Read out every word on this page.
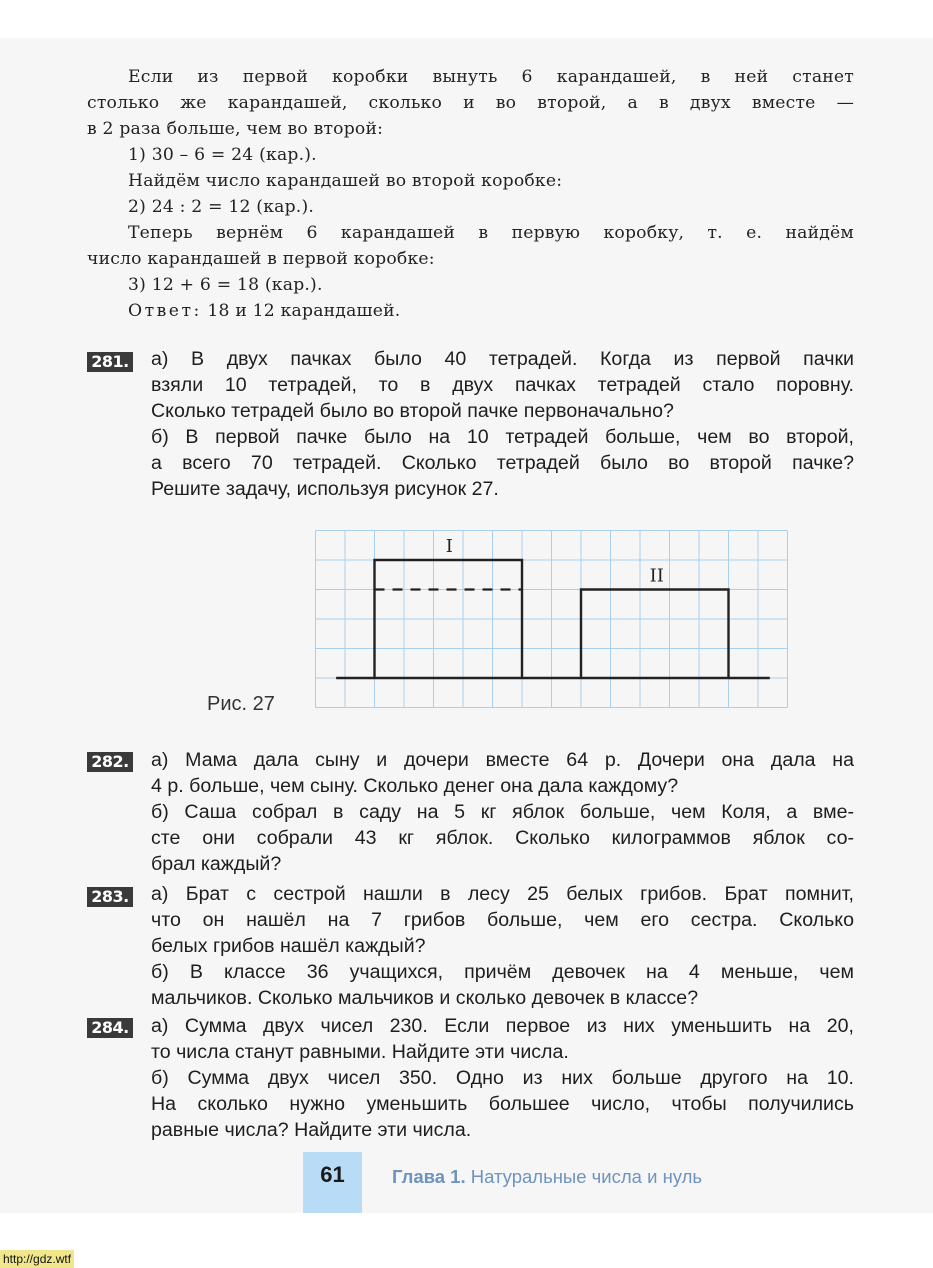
Если из первой коробки вынуть 6 карандашей, в ней станет
столько же карандашей, сколько и во второй, а в двух вместе —
в 2 раза больше, чем во второй:
1) 30 – 6 = 24 (кар.).
Найдём число карандашей во второй коробке:
2) 24 : 2 = 12 (кар.).
Теперь вернём 6 карандашей в первую коробку, т. е. найдём
число карандашей в первой коробке:
3) 12 + 6 = 18 (кар.).
Ответ: 18 и 12 карандашей.
281. а) В двух пачках было 40 тетрадей. Когда из первой пачки
взяли 10 тетрадей, то в двух пачках тетрадей стало поровну.
Сколько тетрадей было во второй пачке первоначально?
б) В первой пачке было на 10 тетрадей больше, чем во второй,
а всего 70 тетрадей. Сколько тетрадей было во второй пачке?
Решите задачу, используя рисунок 27.
I
II
Рис. 27
282. а) Мама дала сыну и дочери вместе 64 р. Дочери она дала на
4 р. больше, чем сыну. Сколько денег она дала каждому?
б) Саша собрал в саду на 5 кг яблок больше, чем Коля, а вме-
сте они собрали 43 кг яблок. Сколько килограммов яблок со-
брал каждый?
283. а) Брат с сестрой нашли в лесу 25 белых грибов. Брат помнит,
что он нашёл на 7 грибов больше, чем его сестра. Сколько
белых грибов нашёл каждый?
б) В классе 36 учащихся, причём девочек на 4 меньше, чем
мальчиков. Сколько мальчиков и сколько девочек в классе?
284. а) Сумма двух чисел 230. Если первое из них уменьшить на 20,
то числа станут равными. Найдите эти числа.
б) Сумма двух чисел 350. Одно из них больше другого на 10.
На сколько нужно уменьшить большее число, чтобы получились
равные числа? Найдите эти числа.
61	Глава 1. Натуральные числа и нуль
http://gdz.wtf
